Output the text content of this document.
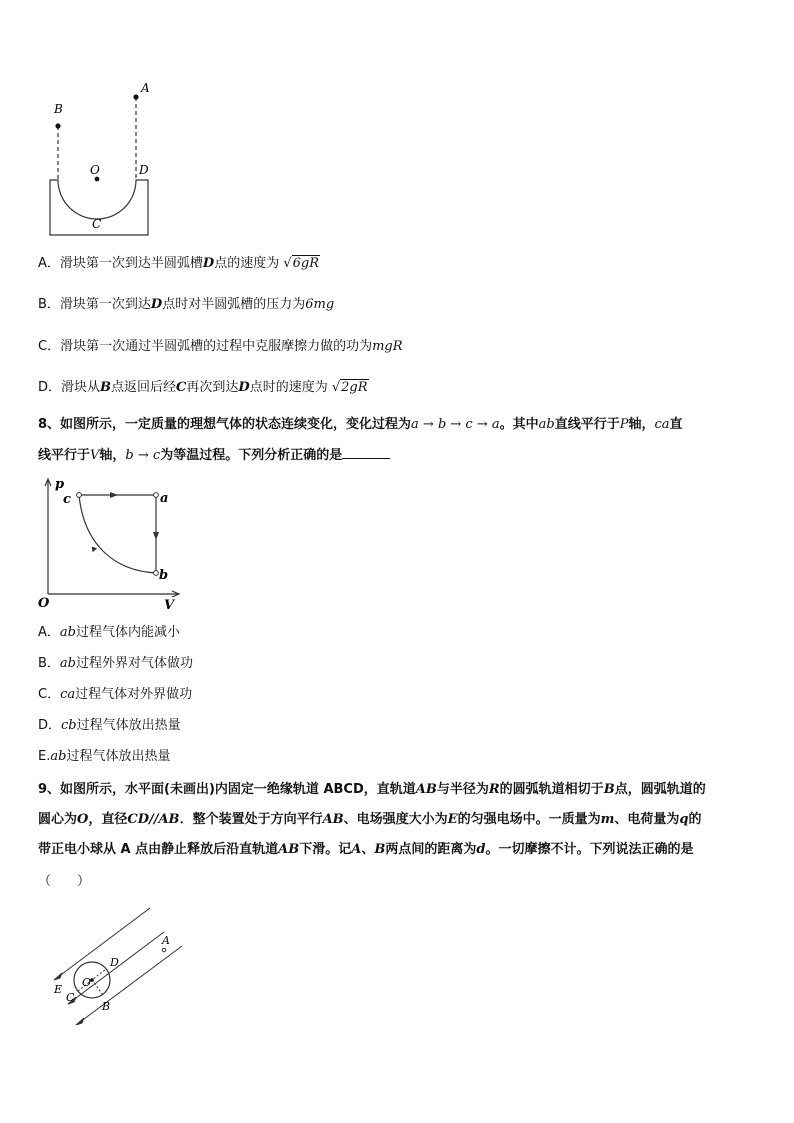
A
B
O	D
C
A．滑块第一次到达半圆弧槽D点的速度为 √6gR
B．滑块第一次到达D点时对半圆弧槽的压力为6mg
C．滑块第一次通过半圆弧槽的过程中克服摩擦力做的功为mgR
D．滑块从B点返回后经C再次到达D点时的速度为 √2gR
8、如图所示，一定质量的理想气体的状态连续变化，变化过程为a → b → c → a。其中ab直线平行于P轴，ca直
线平行于V轴，b → c为等温过程。下列分析正确的是
p
c	a
b
O	V
A．ab过程气体内能减小
B．ab过程外界对气体做功
C．ca过程气体对外界做功
D．cb过程气体放出热量
E.ab过程气体放出热量
9、如图所示，水平面(未画出)内固定一绝缘轨道 ABCD，直轨道AB与半径为R的圆弧轨道相切于B点，圆弧轨道的
圆心为O，直径CD//AB．整个装置处于方向平行AB、电场强度大小为E的匀强电场中。一质量为m、电荷量为q的
带正电小球从 A 点由静止释放后沿直轨道AB下滑。记A、B两点间的距离为d。一切摩擦不计。下列说法正确的是
（　　）
A
D
O
E
C
B
